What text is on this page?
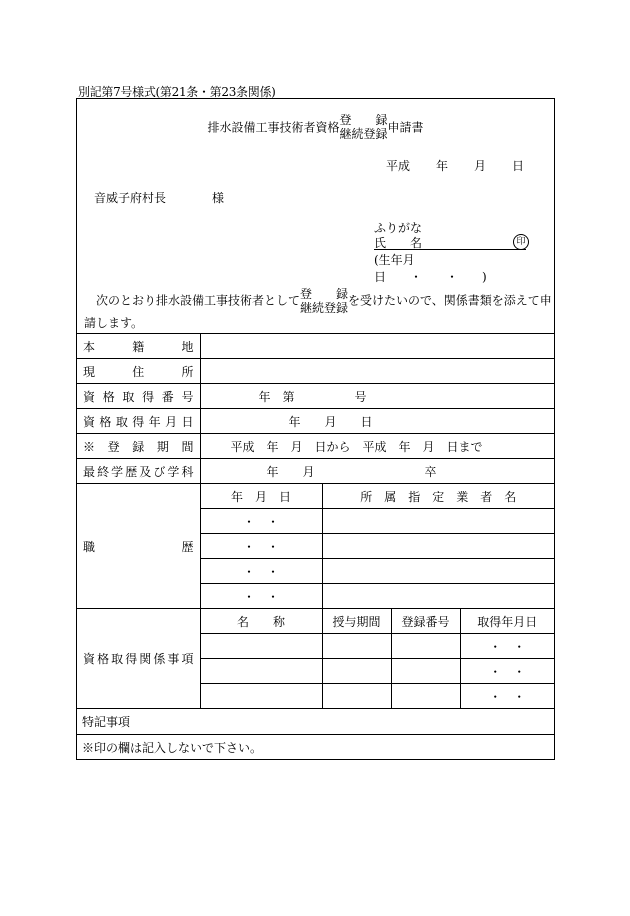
別記第7号様式(第21条・第23条関係)
排水設備工事技術者資格登　　録
継続登録申請書
平成 年 月 日
音威子府村長	様
ふりがな
氏　　名	印
(生年月日　　・　　・　　)
　次のとおり排水設備工事技術者として登　　録
継続登録を受けたいので、関係書類を添えて申請します。
本　籍　地				
現　住　所				
資格取得番号	年　第　　　　　号			
資格取得年月日	年　　月　　日			
※　登　録　期　間	平成　年　月　日から　平成　年　月　日まで			
最終学歴及び学科	年　　月 卒			
職　　　歴	年　月　日	所　属　指　定　業　者　名		
	・　・			
	・　・			
	・　・			
	・　・			
資格取得関係事項	名　　称	授与期間	登録番号	取得年月日
				・　・
				・　・
				・　・
特記事項				
※印の欄は記入しないで下さい。				
